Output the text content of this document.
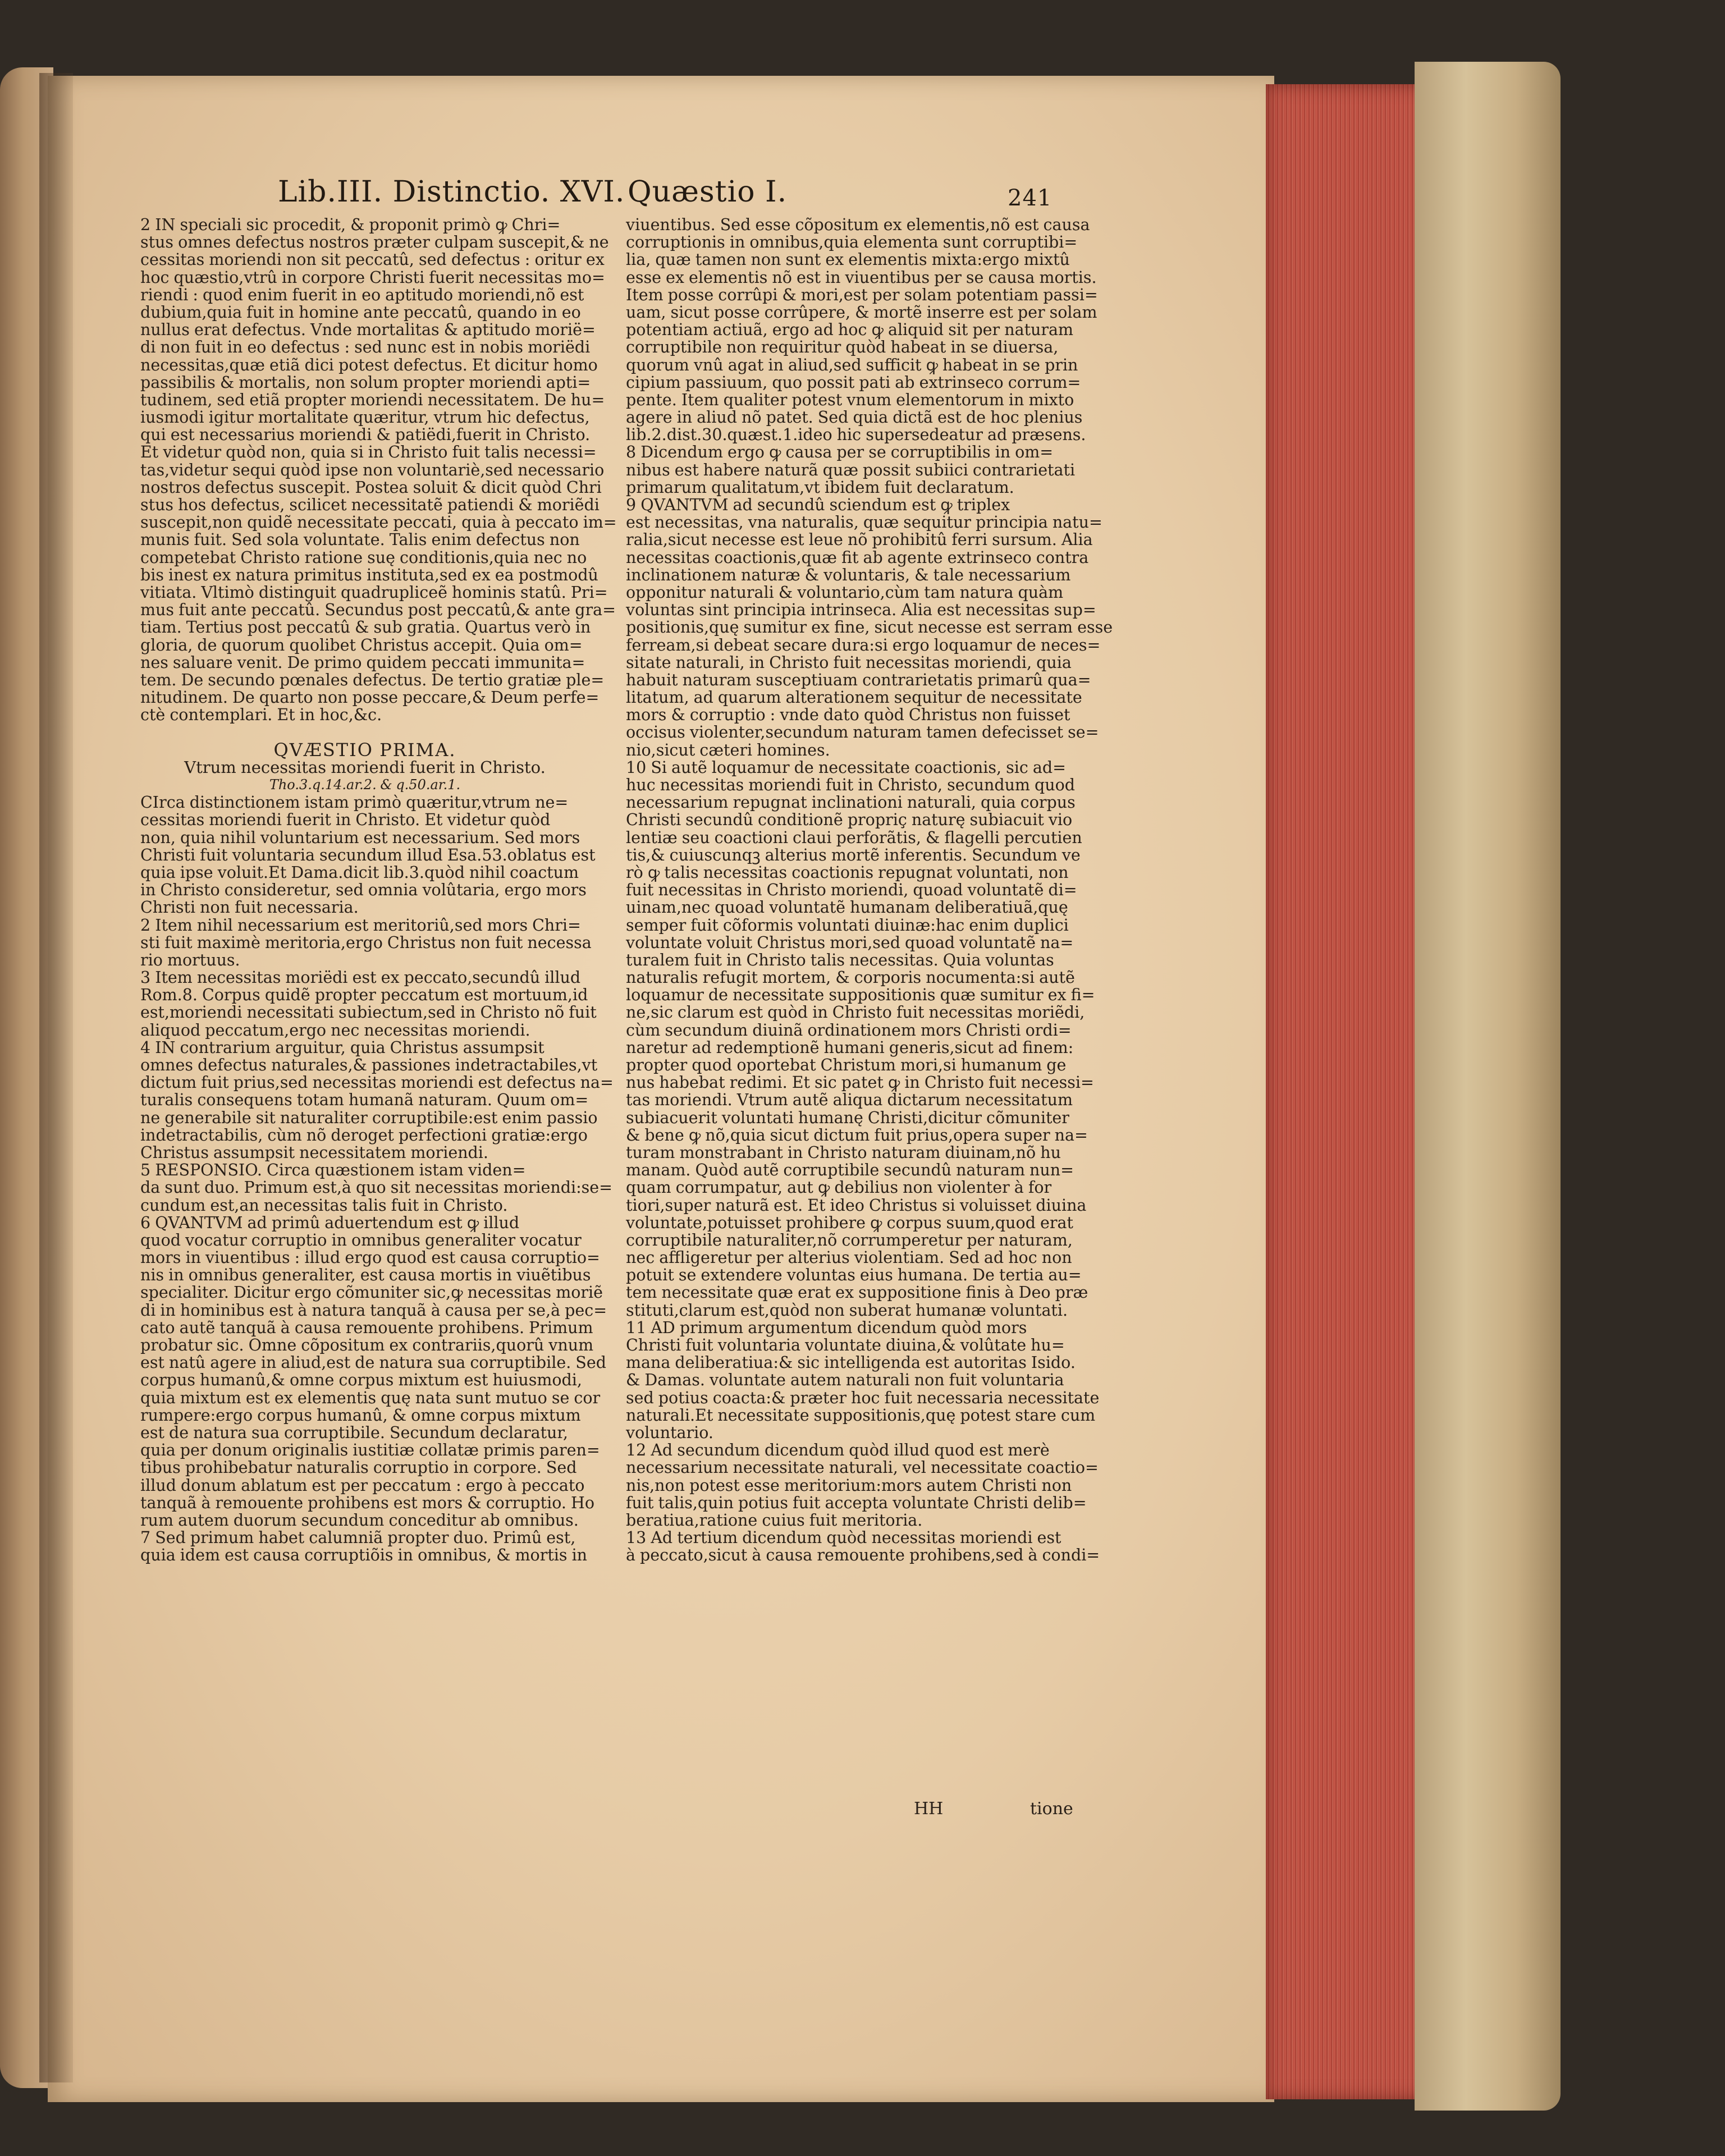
Lib.III. Distinctio. XVI. Quæstio I.	241
2 IN speciali sic procedit, & proponit primò ꝙ Chri=
stus omnes defectus nostros præter culpam suscepit,& ne
cessitas moriendi non sit peccatû, sed defectus : oritur ex
hoc quæstio,vtrû in corpore Christi fuerit necessitas mo=
riendi : quod enim fuerit in eo aptitudo moriendi,nõ est
dubium,quia fuit in homine ante peccatû, quando in eo
nullus erat defectus. Vnde mortalitas & aptitudo morië=
di non fuit in eo defectus : sed nunc est in nobis moriëdi
necessitas,quæ etiã dici potest defectus. Et dicitur homo
passibilis & mortalis, non solum propter moriendi apti=
tudinem, sed etiã propter moriendi necessitatem. De hu=
iusmodi igitur mortalitate quæritur, vtrum hic defectus,
qui est necessarius moriendi & patiëdi,fuerit in Christo.
Et videtur quòd non, quia si in Christo fuit talis necessi=
tas,videtur sequi quòd ipse non voluntariè,sed necessario
nostros defectus suscepit. Postea soluit & dicit quòd Chri
stus hos defectus, scilicet necessitatẽ patiendi & moriẽdi
suscepit,non quidẽ necessitate peccati, quia à peccato im=
munis fuit. Sed sola voluntate. Talis enim defectus non
competebat Christo ratione suę conditionis,quia nec no
bis inest ex natura primitus instituta,sed ex ea postmodû
vitiata. Vltimò distinguit quadrupliceẽ hominis statû. Pri=
mus fuit ante peccatû. Secundus post peccatû,& ante gra=
tiam. Tertius post peccatû & sub gratia. Quartus verò in
gloria, de quorum quolibet Christus accepit. Quia om=
nes saluare venit. De primo quidem peccati immunita=
tem. De secundo pœnales defectus. De tertio gratiæ ple=
nitudinem. De quarto non posse peccare,& Deum perfe=
ctè contemplari. Et in hoc,&c.
QVÆSTIO PRIMA.
Vtrum necessitas moriendi fuerit in Christo.
Tho.3.q.14.ar.2. & q.50.ar.1.
CIrca distinctionem istam primò quæritur,vtrum ne=
cessitas moriendi fuerit in Christo. Et videtur quòd
non, quia nihil voluntarium est necessarium. Sed mors
Christi fuit voluntaria secundum illud Esa.53.oblatus est
quia ipse voluit.Et Dama.dicit lib.3.quòd nihil coactum
in Christo consideretur, sed omnia volûtaria, ergo mors
Christi non fuit necessaria.
2 Item nihil necessarium est meritoriû,sed mors Chri=
sti fuit maximè meritoria,ergo Christus non fuit necessa
rio mortuus.
3 Item necessitas moriëdi est ex peccato,secundû illud
Rom.8. Corpus quidẽ propter peccatum est mortuum,id
est,moriendi necessitati subiectum,sed in Christo nõ fuit
aliquod peccatum,ergo nec necessitas moriendi.
4 IN contrarium arguitur, quia Christus assumpsit
omnes defectus naturales,& passiones indetractabiles,vt
dictum fuit prius,sed necessitas moriendi est defectus na=
turalis consequens totam humanã naturam. Quum om=
ne generabile sit naturaliter corruptibile:est enim passio
indetractabilis, cùm nõ deroget perfectioni gratiæ:ergo
Christus assumpsit necessitatem moriendi.
5 RESPONSIO. Circa quæstionem istam viden=
da sunt duo. Primum est,à quo sit necessitas moriendi:se=
cundum est,an necessitas talis fuit in Christo.
6 QVANTVM ad primû aduertendum est ꝙ illud
quod vocatur corruptio in omnibus generaliter vocatur
mors in viuentibus : illud ergo quod est causa corruptio=
nis in omnibus generaliter, est causa mortis in viuẽtibus
specialiter. Dicitur ergo cõmuniter sic,ꝙ necessitas moriẽ
di in hominibus est à natura tanquã à causa per se,à pec=
cato autẽ tanquã à causa remouente prohibens. Primum
probatur sic. Omne cõpositum ex contrariis,quorû vnum
est natû agere in aliud,est de natura sua corruptibile. Sed
corpus humanû,& omne corpus mixtum est huiusmodi,
quia mixtum est ex elementis quę nata sunt mutuo se cor
rumpere:ergo corpus humanû, & omne corpus mixtum
est de natura sua corruptibile. Secundum declaratur,
quia per donum originalis iustitiæ collatæ primis paren=
tibus prohibebatur naturalis corruptio in corpore. Sed
illud donum ablatum est per peccatum : ergo à peccato
tanquã à remouente prohibens est mors & corruptio. Ho
rum autem duorum secundum conceditur ab omnibus.
7 Sed primum habet calumniã propter duo. Primû est,
quia idem est causa corruptiõis in omnibus, & mortis in
viuentibus. Sed esse cõpositum ex elementis,nõ est causa
corruptionis in omnibus,quia elementa sunt corruptibi=
lia, quæ tamen non sunt ex elementis mixta:ergo mixtû
esse ex elementis nõ est in viuentibus per se causa mortis.
Item posse corrûpi & mori,est per solam potentiam passi=
uam, sicut posse corrûpere, & mortẽ inserre est per solam
potentiam actiuã, ergo ad hoc ꝙ aliquid sit per naturam
corruptibile non requiritur quòd habeat in se diuersa,
quorum vnû agat in aliud,sed sufficit ꝙ habeat in se prin
cipium passiuum, quo possit pati ab extrinseco corrum=
pente. Item qualiter potest vnum elementorum in mixto
agere in aliud nõ patet. Sed quia dictã est de hoc plenius
lib.2.dist.30.quæst.1.ideo hic supersedeatur ad præsens.
8 Dicendum ergo ꝙ causa per se corruptibilis in om=
nibus est habere naturã quæ possit subiici contrarietati
primarum qualitatum,vt ibidem fuit declaratum.
9 QVANTVM ad secundû sciendum est ꝙ triplex
est necessitas, vna naturalis, quæ sequitur principia natu=
ralia,sicut necesse est leue nõ prohibitû ferri sursum. Alia
necessitas coactionis,quæ fit ab agente extrinseco contra
inclinationem naturæ & voluntaris, & tale necessarium
opponitur naturali & voluntario,cùm tam natura quàm
voluntas sint principia intrinseca. Alia est necessitas sup=
positionis,quę sumitur ex fine, sicut necesse est serram esse
ferream,si debeat secare dura:si ergo loquamur de neces=
sitate naturali, in Christo fuit necessitas moriendi, quia
habuit naturam susceptiuam contrarietatis primarû qua=
litatum, ad quarum alterationem sequitur de necessitate
mors & corruptio : vnde dato quòd Christus non fuisset
occisus violenter,secundum naturam tamen defecisset se=
nio,sicut cæteri homines.
10 Si autẽ loquamur de necessitate coactionis, sic ad=
huc necessitas moriendi fuit in Christo, secundum quod
necessarium repugnat inclinationi naturali, quia corpus
Christi secundû conditionẽ propriç naturę subiacuit vio
lentiæ seu coactioni claui perforãtis, & flagelli percutien
tis,& cuiuscunqꝫ alterius mortẽ inferentis. Secundum ve
rò ꝙ talis necessitas coactionis repugnat voluntati, non
fuit necessitas in Christo moriendi, quoad voluntatẽ di=
uinam,nec quoad voluntatẽ humanam deliberatiuã,quę
semper fuit cõformis voluntati diuinæ:hac enim duplici
voluntate voluit Christus mori,sed quoad voluntatẽ na=
turalem fuit in Christo talis necessitas. Quia voluntas
naturalis refugit mortem, & corporis nocumenta:si autẽ
loquamur de necessitate suppositionis quæ sumitur ex fi=
ne,sic clarum est quòd in Christo fuit necessitas moriẽdi,
cùm secundum diuinã ordinationem mors Christi ordi=
naretur ad redemptionẽ humani generis,sicut ad finem:
propter quod oportebat Christum mori,si humanum ge
nus habebat redimi. Et sic patet ꝙ in Christo fuit necessi=
tas moriendi. Vtrum autẽ aliqua dictarum necessitatum
subiacuerit voluntati humanę Christi,dicitur cõmuniter
& bene ꝙ nõ,quia sicut dictum fuit prius,opera super na=
turam monstrabant in Christo naturam diuinam,nõ hu
manam. Quòd autẽ corruptibile secundû naturam nun=
quam corrumpatur, aut ꝙ debilius non violenter à for
tiori,super naturã est. Et ideo Christus si voluisset diuina
voluntate,potuisset prohibere ꝙ corpus suum,quod erat
corruptibile naturaliter,nõ corrumperetur per naturam,
nec affligeretur per alterius violentiam. Sed ad hoc non
potuit se extendere voluntas eius humana. De tertia au=
tem necessitate quæ erat ex suppositione finis à Deo præ
stituti,clarum est,quòd non suberat humanæ voluntati.
11 AD primum argumentum dicendum quòd mors
Christi fuit voluntaria voluntate diuina,& volûtate hu=
mana deliberatiua:& sic intelligenda est autoritas Isido.
& Damas. voluntate autem naturali non fuit voluntaria
sed potius coacta:& præter hoc fuit necessaria necessitate
naturali.Et necessitate suppositionis,quę potest stare cum
voluntario.
12 Ad secundum dicendum quòd illud quod est merè
necessarium necessitate naturali, vel necessitate coactio=
nis,non potest esse meritorium:mors autem Christi non
fuit talis,quin potius fuit accepta voluntate Christi delib=
beratiua,ratione cuius fuit meritoria.
13 Ad tertium dicendum quòd necessitas moriendi est
à peccato,sicut à causa remouente prohibens,sed à condi=
HH	tione
